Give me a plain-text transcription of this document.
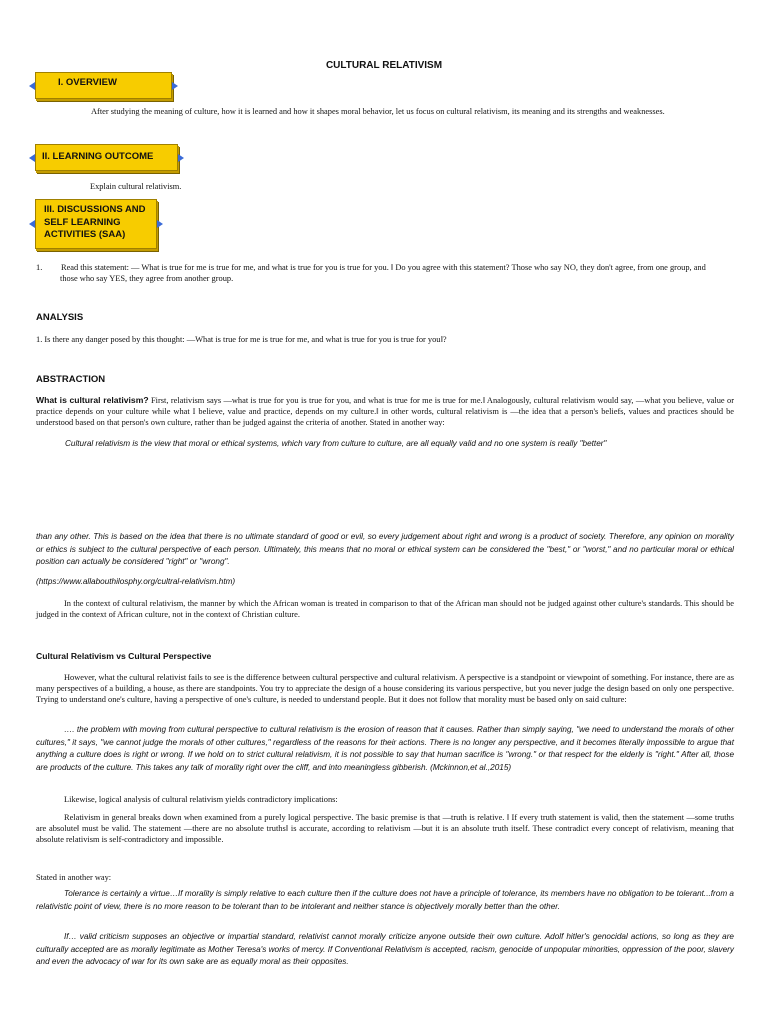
CULTURAL RELATIVISM
I. OVERVIEW
After studying the meaning of culture, how it is learned and how it shapes moral behavior, let us focus on cultural relativism, its meaning and its strengths and weaknesses.
II. LEARNING OUTCOME
Explain cultural relativism.
III. DISCUSSIONS AND SELF LEARNING ACTIVITIES (SAA)
1. Read this statement: — What is true for me is true for me, and what is true for you is true for you. ‖ Do you agree with this statement? Those who say NO, they don't agree, from one group, and those who say YES, they agree from another group.
ANALYSIS
1. Is there any danger posed by this thought: —What is true for me is true for me, and what is true for you is true for you‖?
ABSTRACTION
What is cultural relativism? First, relativism says —what is true for you is true for you, and what is true for me is true for me.‖ Analogously, cultural relativism would say, —what you believe, value or practice depends on your culture while what I believe, value and practice, depends on my culture.‖ in other words, cultural relativism is —the idea that a person's beliefs, values and practices should be understood based on that person's own culture, rather than be judged against the criteria of another. Stated in another way:
Cultural relativism is the view that moral or ethical systems, which vary from culture to culture, are all equally valid and no one system is really "better"
than any other. This is based on the idea that there is no ultimate standard of good or evil, so every judgement about right and wrong is a product of society. Therefore, any opinion on morality or ethics is subject to the cultural perspective of each person. Ultimately, this means that no moral or ethical system can be considered the "best," or "worst," and no particular moral or ethical position can actually be considered "right" or "wrong".
(https://www.allabouthilosphy.org/cultral-relativism.htm)
In the context of cultural relativism, the manner by which the African woman is treated in comparison to that of the African man should not be judged against other culture's standards. This should be judged in the context of African culture, not in the context of Christian culture.
Cultural Relativism vs Cultural Perspective
However, what the cultural relativist fails to see is the difference between cultural perspective and cultural relativism. A perspective is a standpoint or viewpoint of something. For instance, there are as many perspectives of a building, a house, as there are standpoints. You try to appreciate the design of a house considering its various perspective, but you never judge the design based on only one perspective. Trying to understand one's culture, having a perspective of one's culture, is needed to understand people. But it does not follow that morality must be based only on said culture:
…. the problem with moving from cultural perspective to cultural relativism is the erosion of reason that it causes. Rather than simply saying, "we need to understand the morals of other cultures," it says, "we cannot judge the morals of other cultures," regardless of the reasons for their actions. There is no longer any perspective, and it becomes literally impossible to argue that anything a culture does is right or wrong. If we hold on to strict cultural relativism, it is not possible to say that human sacrifice is "wrong." or that respect for the elderly is "right." After all, those are products of the culture. This takes any talk of morality right over the cliff, and into meaningless gibberish. (Mckinnon,et al.,2015)
Likewise, logical analysis of cultural relativism yields contradictory implications:
Relativism in general breaks down when examined from a purely logical perspective. The basic premise is that —truth is relative. ‖ If every truth statement is valid, then the statement —some truths are absolute‖ must be valid. The statement —there are no absolute truths‖ is accurate, according to relativism —but it is an absolute truth itself. These contradict every concept of relativism, meaning that absolute relativism is self-contradictory and impossible.
Stated in another way:
Tolerance is certainly a virtue…If morality is simply relative to each culture then if the culture does not have a principle of tolerance, its members have no obligation to be tolerant...from a relativistic point of view, there is no more reason to be tolerant than to be intolerant and neither stance is objectively morally better than the other.
If… valid criticism supposes an objective or impartial standard, relativist cannot morally criticize anyone outside their own culture. Adolf hitler's genocidal actions, so long as they are culturally accepted are as morally legitimate as Mother Teresa's works of mercy. If Conventional Relativism is accepted, racism, genocide of unpopular minorities, oppression of the poor, slavery and even the advocacy of war for its own sake are as equally moral as their opposites.
